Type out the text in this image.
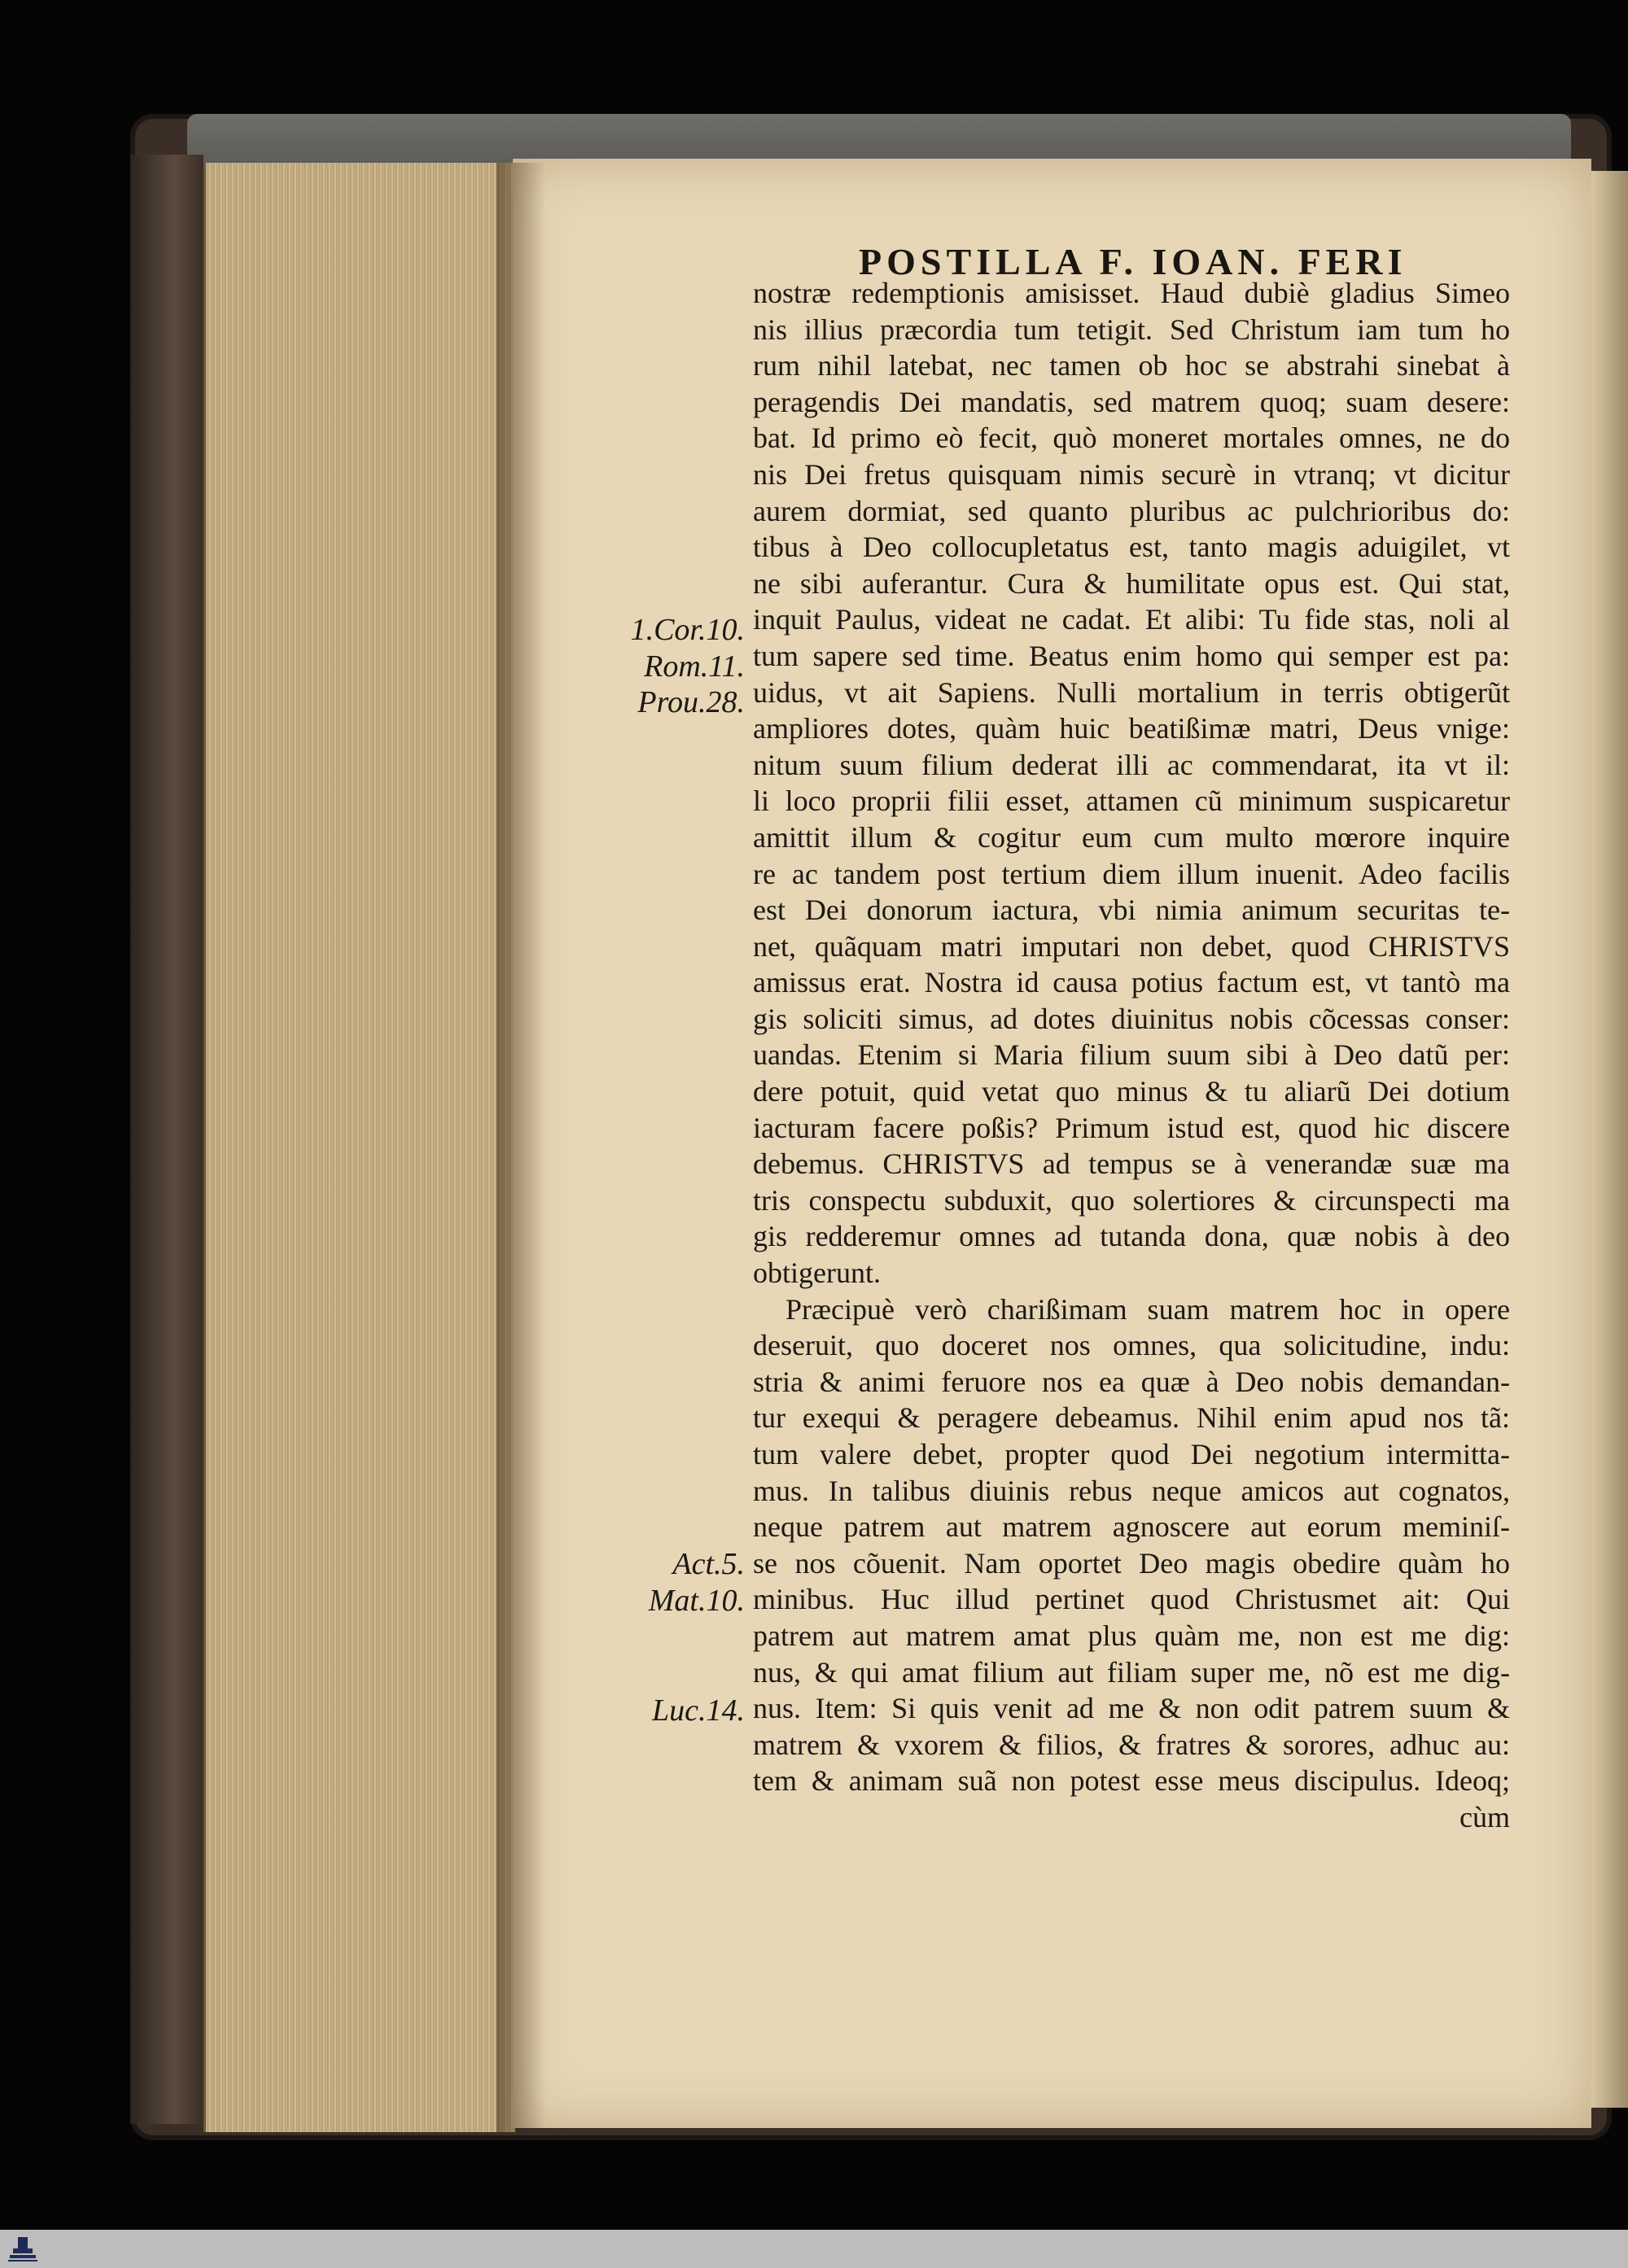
POSTILLA F. IOAN. FERI
1.Cor.10.
Rom.11.
Prou.28.
Act.5.
Mat.10.
Luc.14.
nostræ redemptionis amisisset. Haud dubiè gladius Simeo
nis illius præcordia tum tetigit. Sed Christum iam tum ho
rum nihil latebat, nec tamen ob hoc se abstrahi sinebat à
peragendis Dei mandatis, sed matrem quoq; suam desere:
bat. Id primo eò fecit, quò moneret mortales omnes, ne do
nis Dei fretus quisquam nimis securè in vtranq; vt dicitur
aurem dormiat, sed quanto pluribus ac pulchrioribus do:
tibus à Deo collocupletatus est, tanto magis aduigilet, vt
ne sibi auferantur. Cura & humilitate opus est. Qui stat,
inquit Paulus, videat ne cadat. Et alibi: Tu fide stas, noli al
tum sapere sed time. Beatus enim homo qui semper est pa:
uidus, vt ait Sapiens. Nulli mortalium in terris obtigerũt
ampliores dotes, quàm huic beatißimæ matri, Deus vnige:
nitum suum filium dederat illi ac commendarat, ita vt il:
li loco proprii filii esset, attamen cũ minimum suspicaretur
amittit illum & cogitur eum cum multo mœrore inquire
re ac tandem post tertium diem illum inuenit. Adeo facilis
est Dei donorum iactura, vbi nimia animum securitas te-
net, quãquam matri imputari non debet, quod CHRISTVS
amissus erat. Nostra id causa potius factum est, vt tantò ma
gis soliciti simus, ad dotes diuinitus nobis cõcessas conser:
uandas. Etenim si Maria filium suum sibi à Deo datũ per:
dere potuit, quid vetat quo minus & tu aliarũ Dei dotium
iacturam facere poßis? Primum istud est, quod hic discere
debemus. CHRISTVS ad tempus se à venerandæ suæ ma
tris conspectu subduxit, quo solertiores & circunspecti ma
gis redderemur omnes ad tutanda dona, quæ nobis à deo
obtigerunt.
Præcipuè verò charißimam suam matrem hoc in opere
deseruit, quo doceret nos omnes, qua solicitudine, indu:
stria & animi feruore nos ea quæ à Deo nobis demandan-
tur exequi & peragere debeamus. Nihil enim apud nos tã:
tum valere debet, propter quod Dei negotium intermitta-
mus. In talibus diuinis rebus neque amicos aut cognatos,
neque patrem aut matrem agnoscere aut eorum meminiſ-
se nos cõuenit. Nam oportet Deo magis obedire quàm ho
minibus. Huc illud pertinet quod Christusmet ait: Qui
patrem aut matrem amat plus quàm me, non est me dig:
nus, & qui amat filium aut filiam super me, nõ est me dig-
nus. Item: Si quis venit ad me & non odit patrem suum &
matrem & vxorem & filios, & fratres & sorores, adhuc au:
tem & animam suã non potest esse meus discipulus. Ideoq;
cùm
